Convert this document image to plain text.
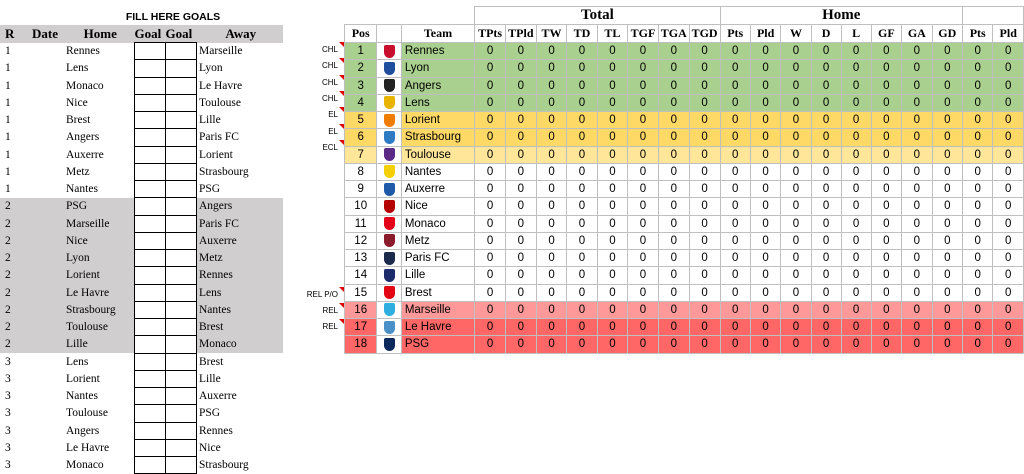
		FILL HERE GOALS			
R	Date	Home	Goal	Goal	Away
1		Rennes			Marseille
1		Lens			Lyon
1		Monaco			Le Havre
1		Nice			Toulouse
1		Brest			Lille
1		Angers			Paris FC
1		Auxerre			Lorient
1		Metz			Strasbourg
1		Nantes			PSG
2		PSG			Angers
2		Marseille			Paris FC
2		Nice			Auxerre
2		Lyon			Metz
2		Lorient			Rennes
2		Le Havre			Lens
2		Strasbourg			Nantes
2		Toulouse			Brest
2		Lille			Monaco
3		Lens			Brest
3		Lorient			Lille
3		Nantes			Auxerre
3		Toulouse			PSG
3		Angers			Rennes
3		Le Havre			Nice
3		Monaco			Strasbourg
CHL
CHL
CHL
CHL
EL
EL
ECL
REL P/O
REL
REL
			Total								Home									
Pos		Team	TPts	TPld	TW	TD	TL	TGF	TGA	TGD	Pts	Pld	W	D	L	GF	GA	GD	Pts	Pld
1		Rennes	0	0	0	0	0	0	0	0	0	0	0	0	0	0	0	0	0	0
2		Lyon	0	0	0	0	0	0	0	0	0	0	0	0	0	0	0	0	0	0
3		Angers	0	0	0	0	0	0	0	0	0	0	0	0	0	0	0	0	0	0
4		Lens	0	0	0	0	0	0	0	0	0	0	0	0	0	0	0	0	0	0
5		Lorient	0	0	0	0	0	0	0	0	0	0	0	0	0	0	0	0	0	0
6		Strasbourg	0	0	0	0	0	0	0	0	0	0	0	0	0	0	0	0	0	0
7		Toulouse	0	0	0	0	0	0	0	0	0	0	0	0	0	0	0	0	0	0
8		Nantes	0	0	0	0	0	0	0	0	0	0	0	0	0	0	0	0	0	0
9		Auxerre	0	0	0	0	0	0	0	0	0	0	0	0	0	0	0	0	0	0
10		Nice	0	0	0	0	0	0	0	0	0	0	0	0	0	0	0	0	0	0
11		Monaco	0	0	0	0	0	0	0	0	0	0	0	0	0	0	0	0	0	0
12		Metz	0	0	0	0	0	0	0	0	0	0	0	0	0	0	0	0	0	0
13		Paris FC	0	0	0	0	0	0	0	0	0	0	0	0	0	0	0	0	0	0
14		Lille	0	0	0	0	0	0	0	0	0	0	0	0	0	0	0	0	0	0
15		Brest	0	0	0	0	0	0	0	0	0	0	0	0	0	0	0	0	0	0
16		Marseille	0	0	0	0	0	0	0	0	0	0	0	0	0	0	0	0	0	0
17		Le Havre	0	0	0	0	0	0	0	0	0	0	0	0	0	0	0	0	0	0
18		PSG	0	0	0	0	0	0	0	0	0	0	0	0	0	0	0	0	0	0
